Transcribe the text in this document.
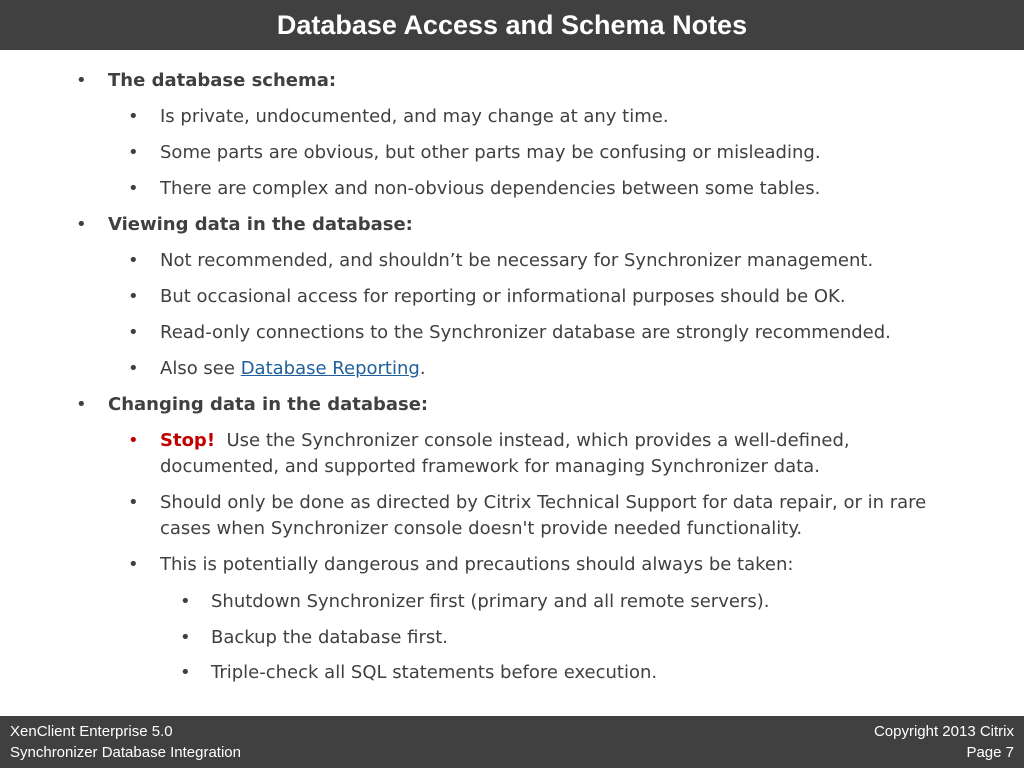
Database Access and Schema Notes
• The database schema:
• Is private, undocumented, and may change at any time.
• Some parts are obvious, but other parts may be confusing or misleading.
• There are complex and non-obvious dependencies between some tables.
• Viewing data in the database:
• Not recommended, and shouldn’t be necessary for Synchronizer management.
• But occasional access for reporting or informational purposes should be OK.
• Read-only connections to the Synchronizer database are strongly recommended.
• Also see Database Reporting.
• Changing data in the database:
• Stop! Use the Synchronizer console instead, which provides a well-defined,
documented, and supported framework for managing Synchronizer data.
• Should only be done as directed by Citrix Technical Support for data repair, or in rare
cases when Synchronizer console doesn't provide needed functionality.
• This is potentially dangerous and precautions should always be taken:
• Shutdown Synchronizer first (primary and all remote servers).
• Backup the database first.
• Triple-check all SQL statements before execution.
XenClient Enterprise 5.0
Synchronizer Database Integration
Copyright 2013 Citrix
Page 7
